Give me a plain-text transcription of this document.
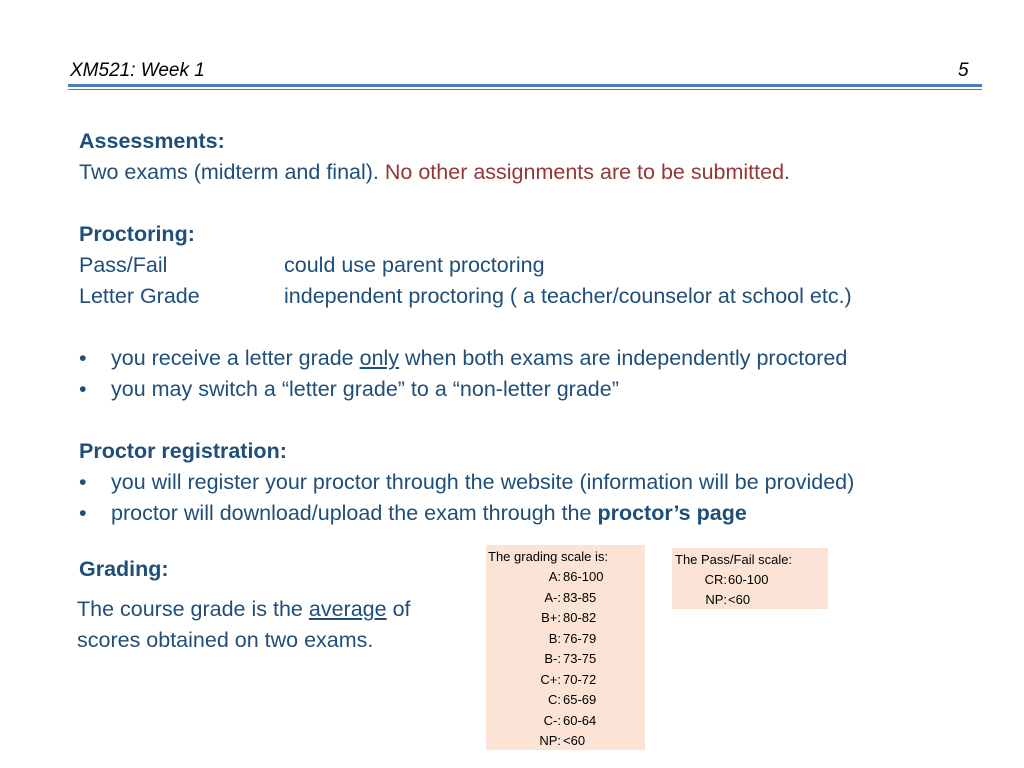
XM521: Week 1	5
Assessments:
Two exams (midterm and final). No other assignments are to be submitted.
Proctoring:
Pass/Fail	could use parent proctoring
Letter Grade	independent proctoring ( a teacher/counselor at school etc.)
•	you receive a letter grade only when both exams are independently proctored
•	you may switch a “letter grade” to a “non-letter grade”
Proctor registration:
•	you will register your proctor through the website (information will be provided)
•	proctor will download/upload the exam through the proctor’s page
Grading:
The course grade is the average of scores obtained on two exams.
The grading scale is:
A: 86-100
A-: 83-85
B+: 80-82
B: 76-79
B-: 73-75
C+: 70-72
C: 65-69
C-: 60-64
NP: <60
The Pass/Fail scale:
CR: 60-100
NP: <60
